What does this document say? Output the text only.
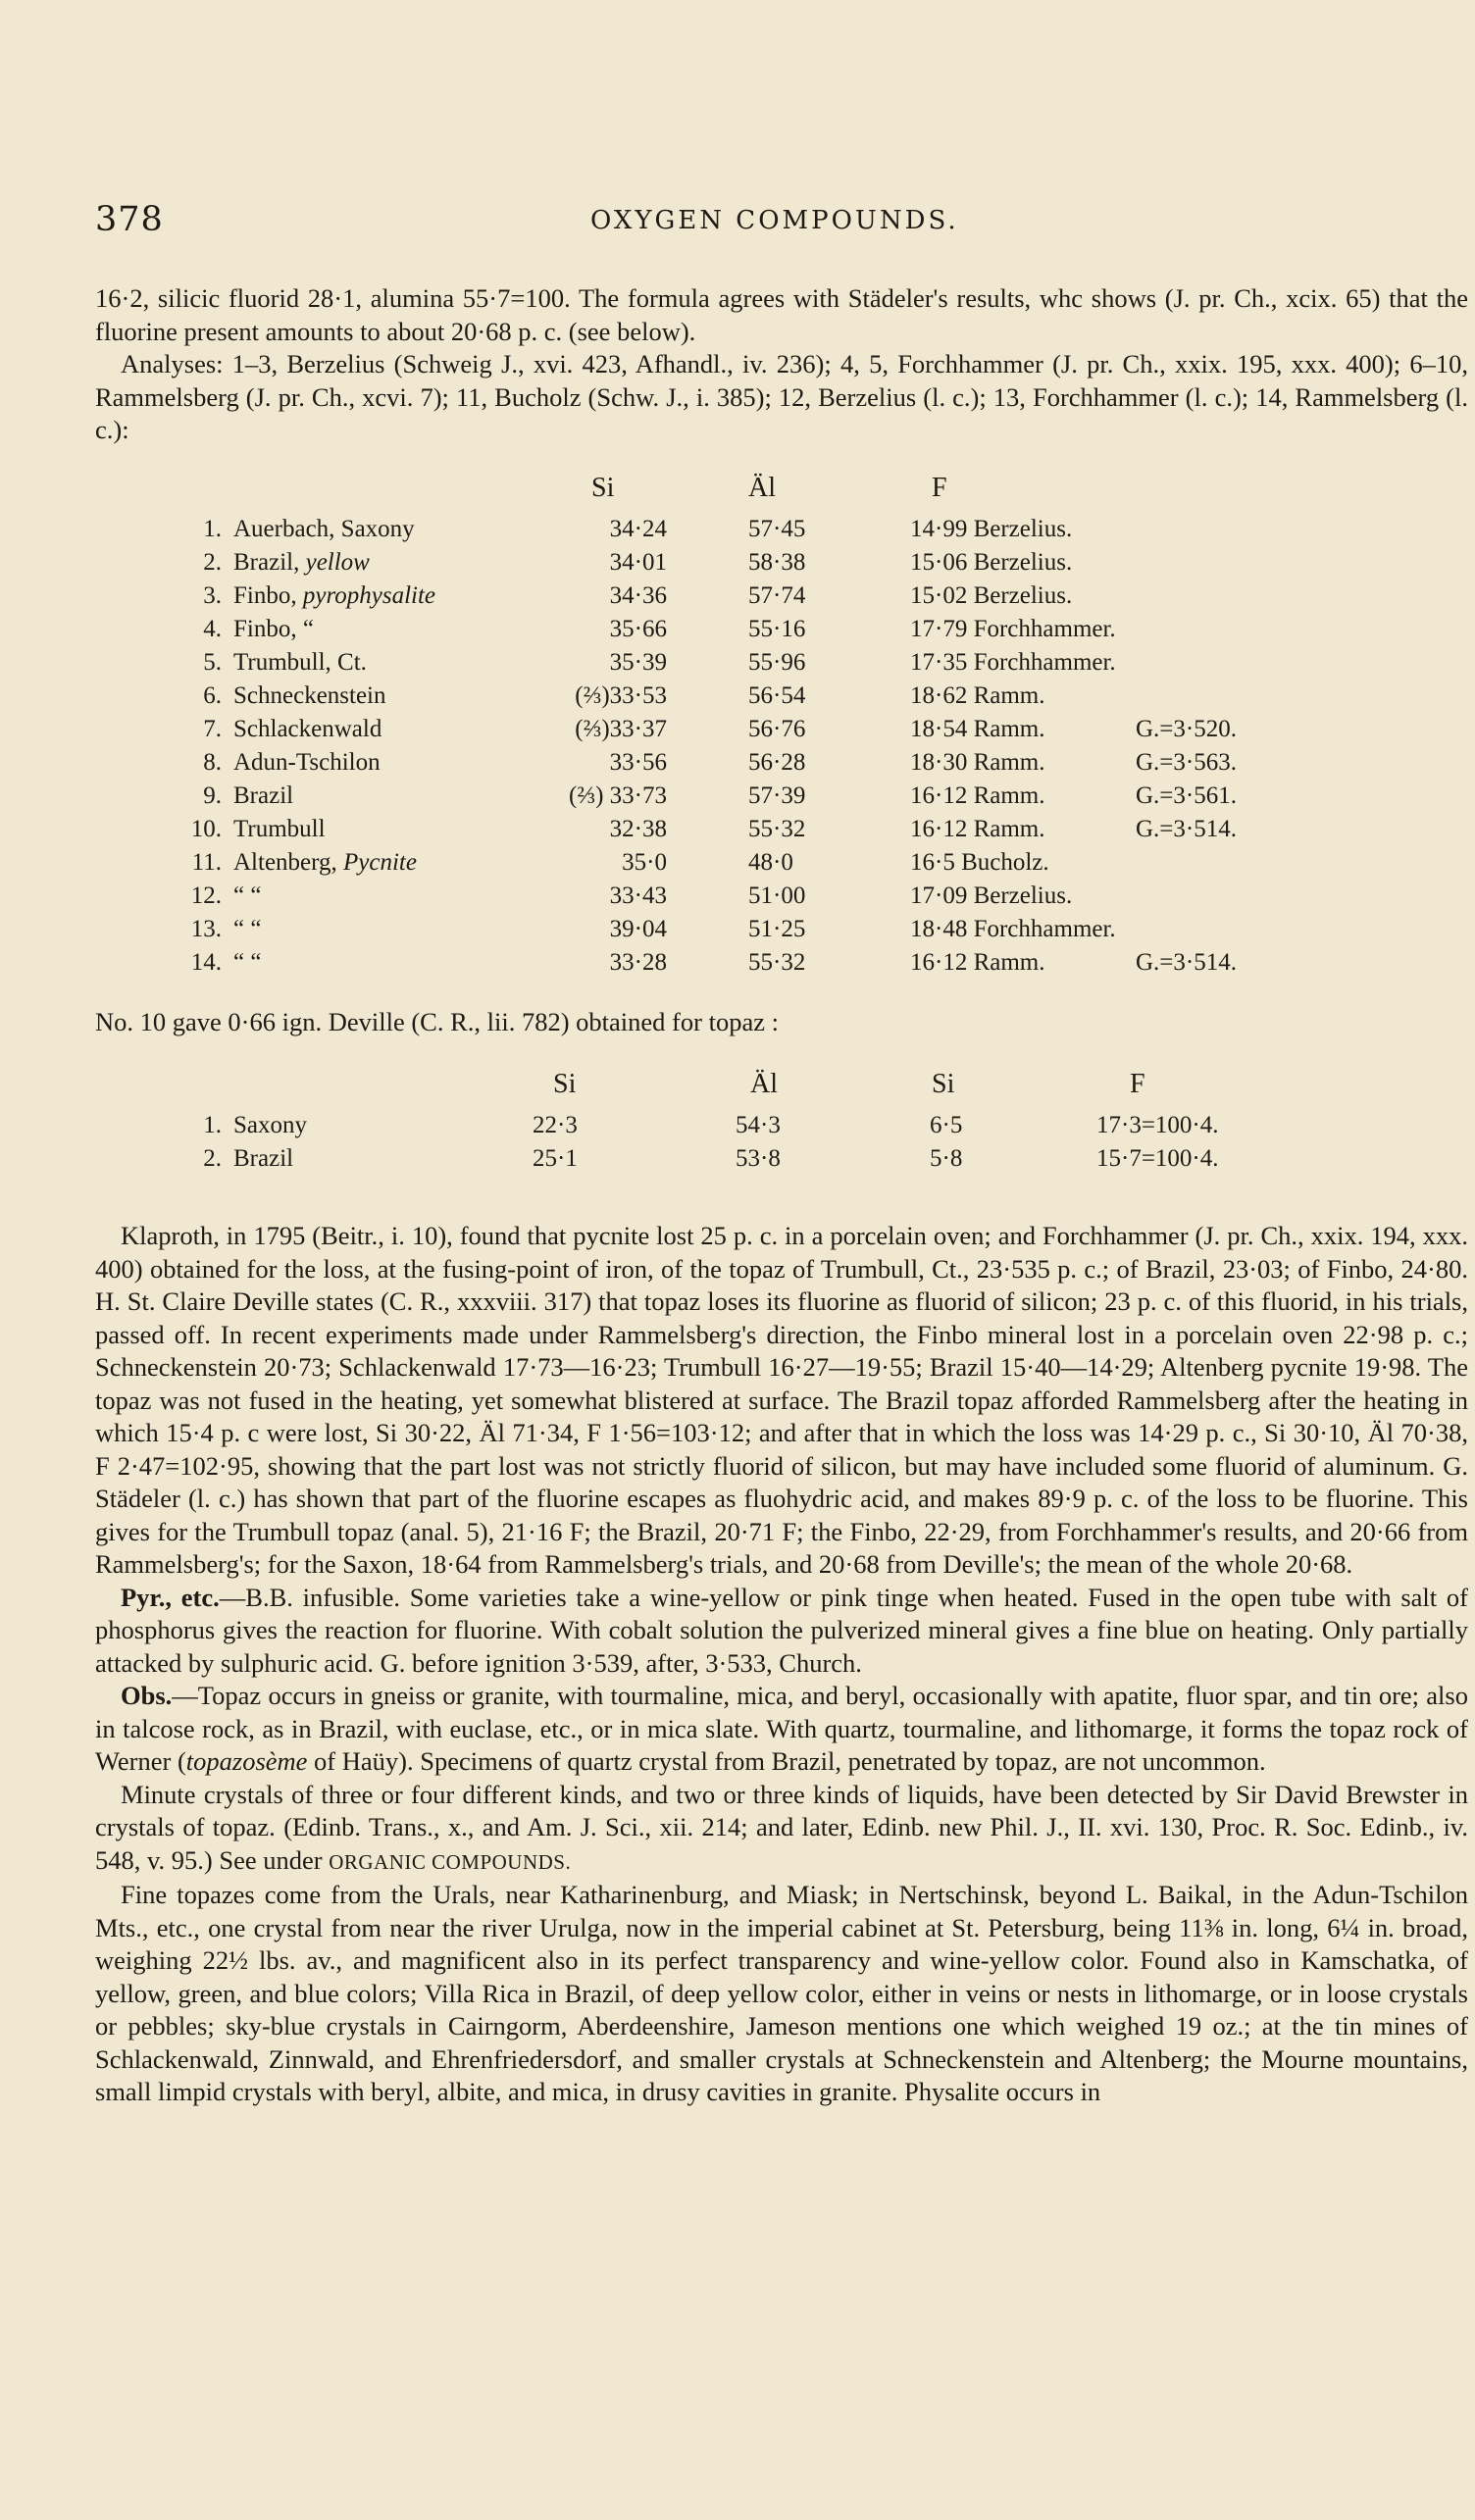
378	OXYGEN COMPOUNDS.

16·2, silicic fluorid 28·1, alumina 55·7=100. The formula agrees with Städeler's results, whc shows (J. pr. Ch., xcix. 65) that the fluorine present amounts to about 20·68 p. c. (see below).
Analyses: 1–3, Berzelius (Schweig J., xvi. 423, Afhandl., iv. 236); 4, 5, Forchhammer (J. pr. Ch., xxix. 195, xxx. 400); 6–10, Rammelsberg (J. pr. Ch., xcvi. 7); 11, Bucholz (Schw. J., i. 385); 12, Berzelius (l. c.); 13, Forchhammer (l. c.); 14, Rammelsberg (l. c.):

Si	Äl	F
1. Auerbach, Saxony	34·24	57·45	14·99 Berzelius.
2. Brazil, yellow	34·01	58·38	15·06 Berzelius.
3. Finbo, pyrophysalite	34·36	57·74	15·02 Berzelius.
4. Finbo, “	35·66	55·16	17·79 Forchhammer.
5. Trumbull, Ct.	35·39	55·96	17·35 Forchhammer.
6. Schneckenstein	(⅔)33·53	56·54	18·62 Ramm.
7. Schlackenwald	(⅔)33·37	56·76	18·54 Ramm.	G.=3·520.
8. Adun-Tschilon	33·56	56·28	18·30 Ramm.	G.=3·563.
9. Brazil	(⅔) 33·73	57·39	16·12 Ramm.	G.=3·561.
10. Trumbull	32·38	55·32	16·12 Ramm.	G.=3·514.
11. Altenberg, Pycnite	35·0	48·0	16·5 Bucholz.
12. “ “	33·43	51·00	17·09 Berzelius.
13. “ “	39·04	51·25	18·48 Forchhammer.
14. “ “	33·28	55·32	16·12 Ramm.	G.=3·514.

No. 10 gave 0·66 ign. Deville (C. R., lii. 782) obtained for topaz :

Si	Äl	Si	F
1. Saxony	22·3	54·3	6·5	17·3=100·4.
2. Brazil	25·1	53·8	5·8	15·7=100·4.

Klaproth, in 1795 (Beitr., i. 10), found that pycnite lost 25 p. c. in a porcelain oven; and Forchhammer (J. pr. Ch., xxix. 194, xxx. 400) obtained for the loss, at the fusing-point of iron, of the topaz of Trumbull, Ct., 23·535 p. c.; of Brazil, 23·03; of Finbo, 24·80. H. St. Claire Deville states (C. R., xxxviii. 317) that topaz loses its fluorine as fluorid of silicon; 23 p. c. of this fluorid, in his trials, passed off. In recent experiments made under Rammelsberg's direction, the Finbo mineral lost in a porcelain oven 22·98 p. c.; Schneckenstein 20·73; Schlackenwald 17·73—16·23; Trumbull 16·27—19·55; Brazil 15·40—14·29; Altenberg pycnite 19·98. The topaz was not fused in the heating, yet somewhat blistered at surface. The Brazil topaz afforded Rammelsberg after the heating in which 15·4 p. c were lost, Si 30·22, Äl 71·34, F 1·56=103·12; and after that in which the loss was 14·29 p. c., Si 30·10, Äl 70·38, F 2·47=102·95, showing that the part lost was not strictly fluorid of silicon, but may have included some fluorid of aluminum. G. Städeler (l. c.) has shown that part of the fluorine escapes as fluohydric acid, and makes 89·9 p. c. of the loss to be fluorine. This gives for the Trumbull topaz (anal. 5), 21·16 F; the Brazil, 20·71 F; the Finbo, 22·29, from Forchhammer's results, and 20·66 from Rammelsberg's; for the Saxon, 18·64 from Rammelsberg's trials, and 20·68 from Deville's; the mean of the whole 20·68.

Pyr., etc.—B.B. infusible. Some varieties take a wine-yellow or pink tinge when heated. Fused in the open tube with salt of phosphorus gives the reaction for fluorine. With cobalt solution the pulverized mineral gives a fine blue on heating. Only partially attacked by sulphuric acid. G. before ignition 3·539, after, 3·533, Church.

Obs.—Topaz occurs in gneiss or granite, with tourmaline, mica, and beryl, occasionally with apatite, fluor spar, and tin ore; also in talcose rock, as in Brazil, with euclase, etc., or in mica slate. With quartz, tourmaline, and lithomarge, it forms the topaz rock of Werner (topazosème of Haüy). Specimens of quartz crystal from Brazil, penetrated by topaz, are not uncommon.

Minute crystals of three or four different kinds, and two or three kinds of liquids, have been detected by Sir David Brewster in crystals of topaz. (Edinb. Trans., x., and Am. J. Sci., xii. 214; and later, Edinb. new Phil. J., II. xvi. 130, Proc. R. Soc. Edinb., iv. 548, v. 95.) See under ORGANIC COMPOUNDS.

Fine topazes come from the Urals, near Katharinenburg, and Miask; in Nertschinsk, beyond L. Baikal, in the Adun-Tschilon Mts., etc., one crystal from near the river Urulga, now in the imperial cabinet at St. Petersburg, being 11⅜ in. long, 6¼ in. broad, weighing 22½ lbs. av., and magnificent also in its perfect transparency and wine-yellow color. Found also in Kamschatka, of yellow, green, and blue colors; Villa Rica in Brazil, of deep yellow color, either in veins or nests in lithomarge, or in loose crystals or pebbles; sky-blue crystals in Cairngorm, Aberdeenshire, Jameson mentions one which weighed 19 oz.; at the tin mines of Schlackenwald, Zinnwald, and Ehrenfriedersdorf, and smaller crystals at Schneckenstein and Altenberg; the Mourne mountains, small limpid crystals with beryl, albite, and mica, in drusy cavities in granite. Physalite occurs in
